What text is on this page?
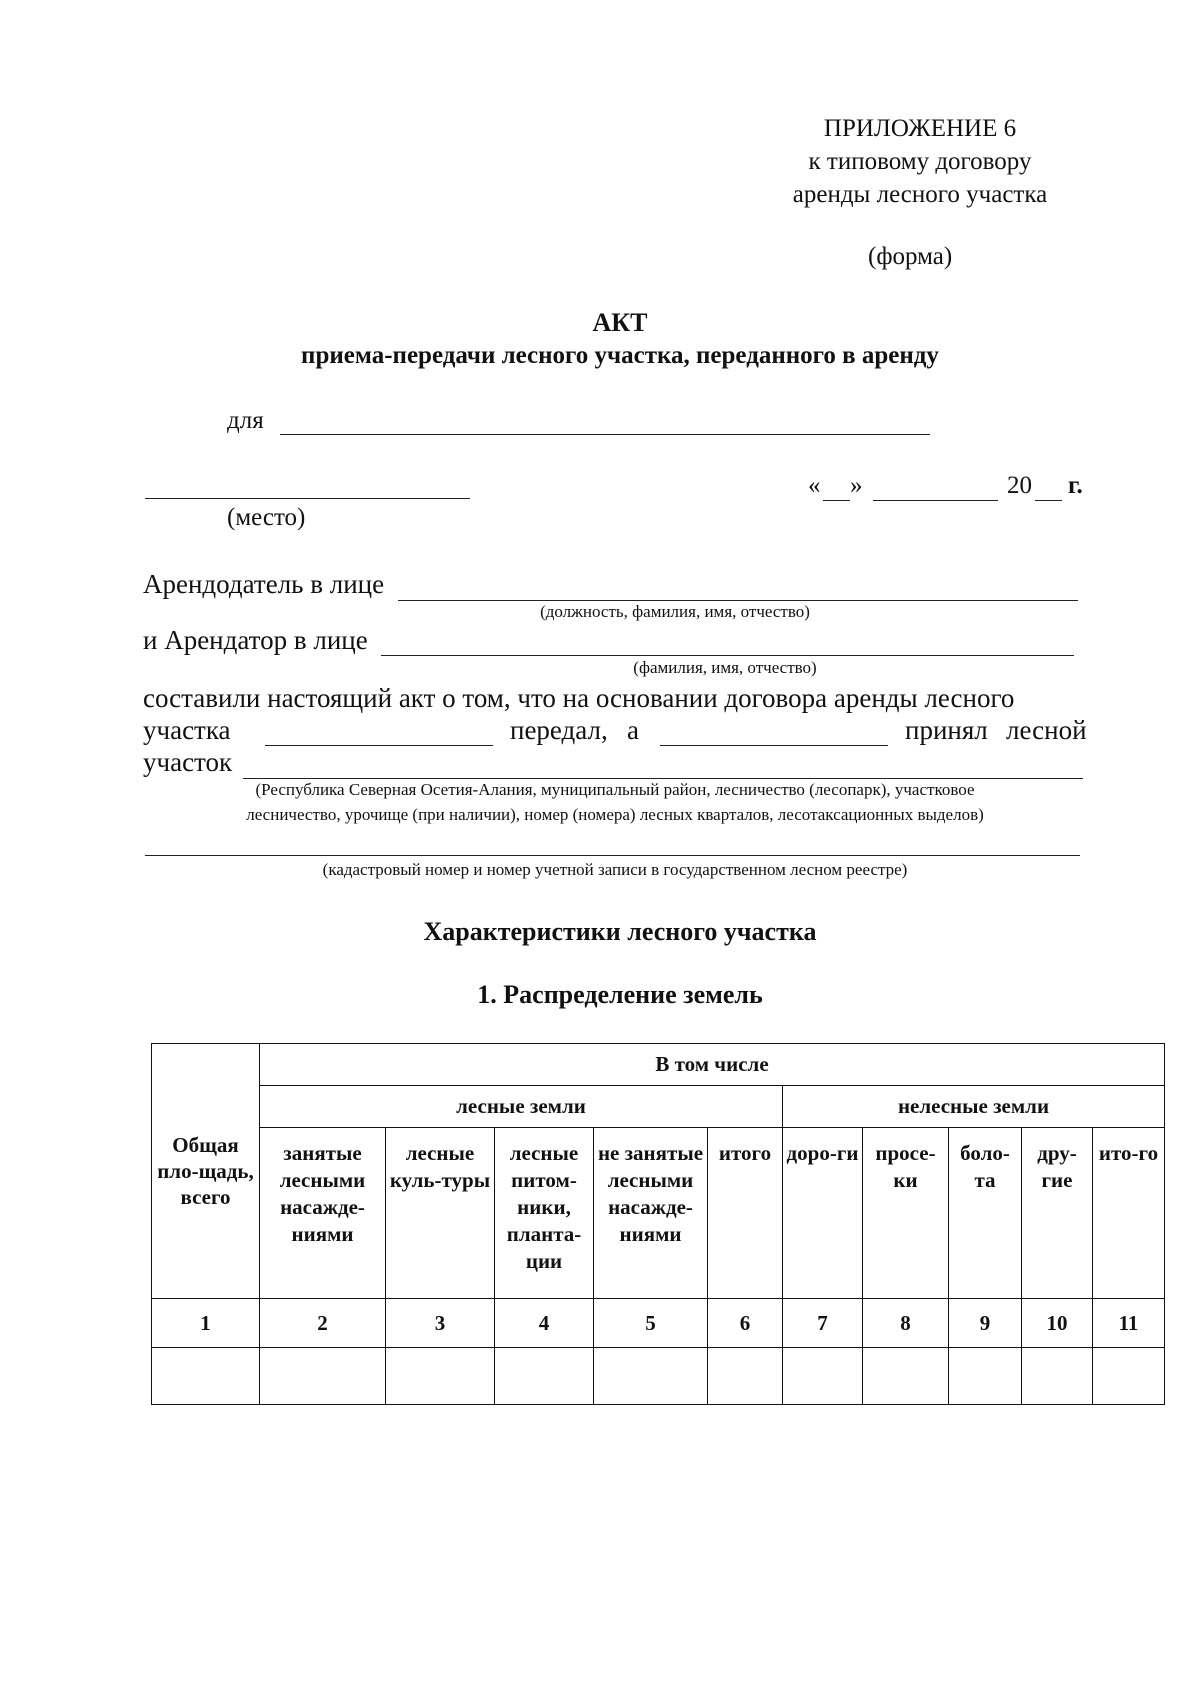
ПРИЛОЖЕНИЕ 6
к типовому договору
аренды лесного участка
(форма)
АКТ
приема-передачи лесного участка, переданного в аренду
для
(место)
« »	20 г.
Арендодатель в лице
(должность, фамилия, имя, отчество)
и Арендатор в лице
(фамилия, имя, отчество)
составили настоящий акт о том, что на основании договора аренды лесного
участка	передал, а	принял лесной
участок
(Республика Северная Осетия-Алания, муниципальный район, лесничество (лесопарк), участковое
лесничество, урочище (при наличии), номер (номера) лесных кварталов, лесотаксационных выделов)
(кадастровый номер и номер учетной записи в государственном лесном реестре)
Характеристики лесного участка
1. Распределение земель
Общая пло-щадь, всего	В том числе									
	лесные земли					нелесные земли				
	занятые лесными насажде-ниями	лесные куль-туры	лесные питом-ники, планта-ции	не занятые лесными насажде-ниями	итого	доро-ги	просе-ки	боло-та	дру-гие	ито-го
1	2	3	4	5	6	7	8	9	10	11
